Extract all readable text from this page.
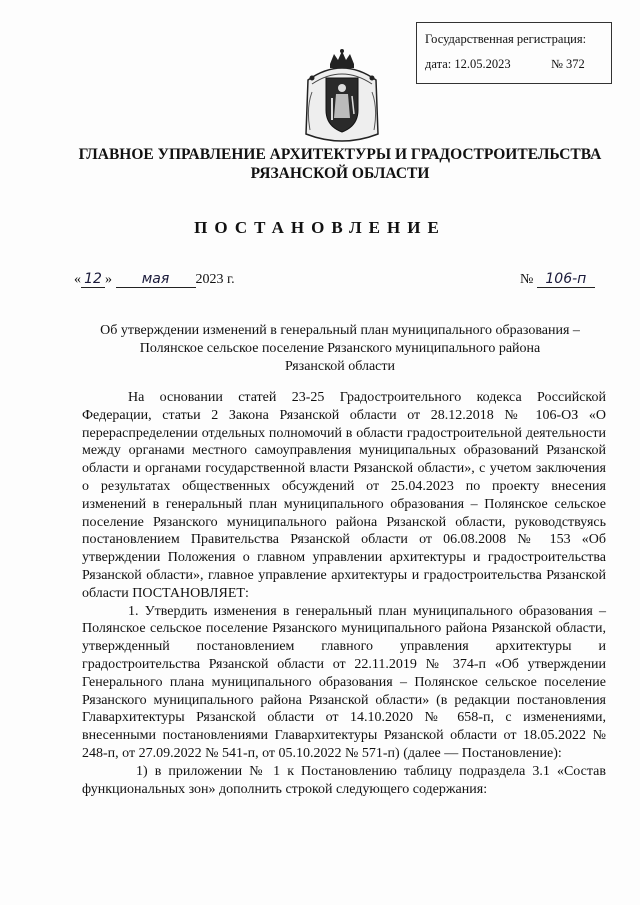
Государственная регистрация:
дата: 12.05.2023	№ 372
ГЛАВНОЕ УПРАВЛЕНИЕ АРХИТЕКТУРЫ И ГРАДОСТРОИТЕЛЬСТВА
РЯЗАНСКОЙ ОБЛАСТИ
ПОСТАНОВЛЕНИЕ
« 12 » мая 2023 г.	№ 106-п
Об утверждении изменений в генеральный план муниципального образования –
Полянское сельское поселение Рязанского муниципального района
Рязанской области

На основании статей 23-25 Градостроительного кодекса Российской Федерации, статьи 2 Закона Рязанской области от 28.12.2018 № 106-ОЗ «О перераспределении отдельных полномочий в области градостроительной деятельности между органами местного самоуправления муниципальных образований Рязанской области и органами государственной власти Рязанской области», с учетом заключения о результатах общественных обсуждений от 25.04.2023 по проекту внесения изменений в генеральный план муниципального образования – Полянское сельское поселение Рязанского муниципального района Рязанской области, руководствуясь постановлением Правительства Рязанской области от 06.08.2008 № 153 «Об утверждении Положения о главном управлении архитектуры и градостроительства Рязанской области», главное управление архитектуры и градостроительства Рязанской области ПОСТАНОВЛЯЕТ:

1. Утвердить изменения в генеральный план муниципального образования – Полянское сельское поселение Рязанского муниципального района Рязанской области, утвержденный постановлением главного управления архитектуры и градостроительства Рязанской области от 22.11.2019 № 374-п «Об утверждении Генерального плана муниципального образования – Полянское сельское поселение Рязанского муниципального района Рязанской области» (в редакции постановления Главархитектуры Рязанской области от 14.10.2020 № 658-п, с изменениями, внесенными постановлениями Главархитектуры Рязанской области от 18.05.2022 № 248-п, от 27.09.2022 № 541-п, от 05.10.2022 № 571-п) (далее — Постановление):

1) в приложении № 1 к Постановлению таблицу подраздела 3.1 «Состав функциональных зон» дополнить строкой следующего содержания:
